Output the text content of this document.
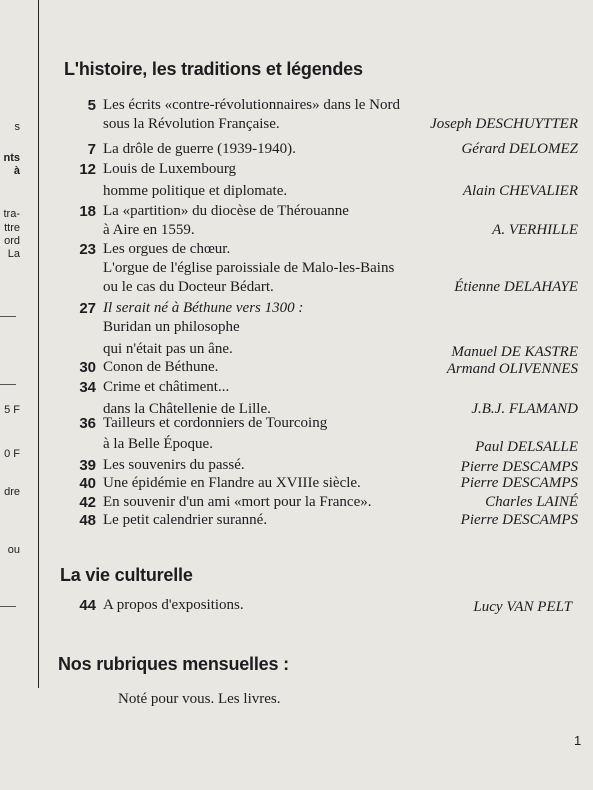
s
nts
à
tra-
ttre
ord
La
5 F
0 F
dre
ou
L'histoire, les traditions et légendes
5 Les écrits «contre-révolutionnaires» dans le Nord
sous la Révolution Française.	Joseph DESCHUYTTER
7 La drôle de guerre (1939-1940).	Gérard DELOMEZ
12 Louis de Luxembourg
homme politique et diplomate.	Alain CHEVALIER
18 La «partition» du diocèse de Thérouanne
à Aire en 1559.	A. VERHILLE
23 Les orgues de chœur.
L'orgue de l'église paroissiale de Malo-les-Bains
ou le cas du Docteur Bédart.	Étienne DELAHAYE
27 Il serait né à Béthune vers 1300 :
Buridan un philosophe
qui n'était pas un âne.	Manuel DE KASTRE
30 Conon de Béthune.	Armand OLIVENNES
34 Crime et châtiment...
dans la Châtellenie de Lille.	J.B.J. FLAMAND
36 Tailleurs et cordonniers de Tourcoing
à la Belle Époque.	Paul DELSALLE
39 Les souvenirs du passé.	Pierre DESCAMPS
40 Une épidémie en Flandre au XVIIIe siècle.	Pierre DESCAMPS
42 En souvenir d'un ami «mort pour la France».	Charles LAINÉ
48 Le petit calendrier suranné.	Pierre DESCAMPS
La vie culturelle
44 A propos d'expositions.	Lucy VAN PELT
Nos rubriques mensuelles :
Noté pour vous. Les livres.
1
